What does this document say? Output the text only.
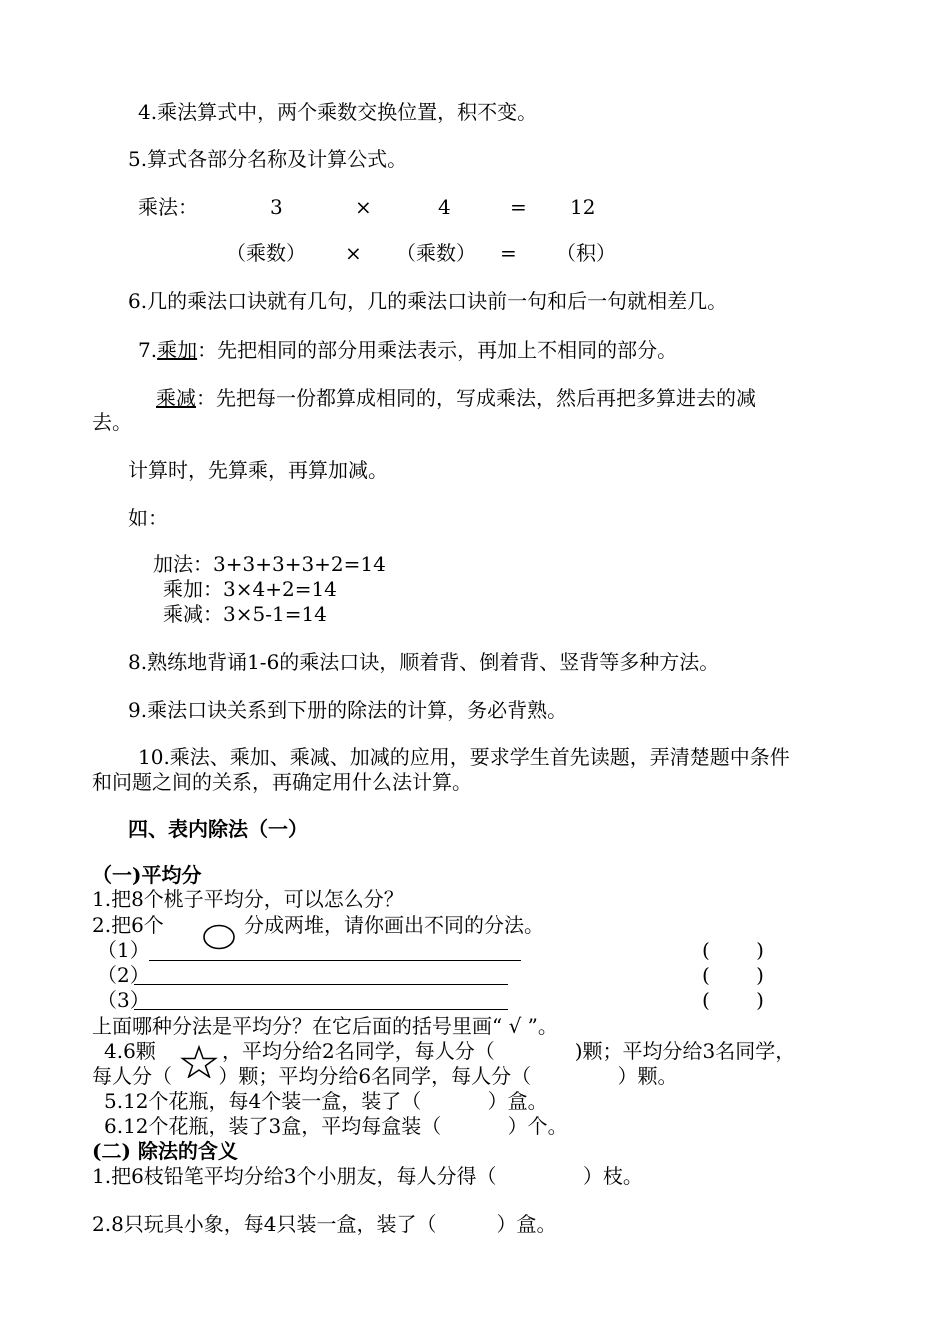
4.乘法算式中，两个乘数交换位置，积不变。
5.算式各部分名称及计算公式。
乘法：	3	×	4	= 12
（乘数） × （乘数） = （积）
6.几的乘法口诀就有几句，几的乘法口诀前一句和后一句就相差几。
7.乘加：先把相同的部分用乘法表示，再加上不相同的部分。
乘减：先把每一份都算成相同的，写成乘法，然后再把多算进去的减
去。
计算时，先算乘，再算加减。
如：
加法：3+3+3+3+2=14
乘加：3×4+2=14
乘减：3×5-1=14
8.熟练地背诵1-6的乘法口诀，顺着背、倒着背、竖背等多种方法。
9.乘法口诀关系到下册的除法的计算，务必背熟。
10.乘法、乘加、乘减、加减的应用，要求学生首先读题，弄清楚题中条件
和问题之间的关系，再确定用什么法计算。
四、表内除法（一）
（一)平均分
1.把8个桃子平均分，可以怎么分？
2.把6个	分成两堆，请你画出不同的分法。
（1）	(　　 )
（2）	(　　 )
（3）	(　　 )
上面哪种分法是平均分？在它后面的括号里画“ √ ”。
4.6颗	，平均分给2名同学，每人分（　　　　)颗；平均分给3名同学，
每人分（　　 ）颗；平均分给6名同学，每人分（　　　　 ）颗。
5.12个花瓶，每4个装一盒，装了（　　　 ）盒。
6.12个花瓶，装了3盒，平均每盒装（　　　 ）个。
(二) 除法的含义
1.把6枝铅笔平均分给3个小朋友，每人分得（　　　　 ）枝。
2.8只玩具小象，每4只装一盒，装了（　　　）盒。
